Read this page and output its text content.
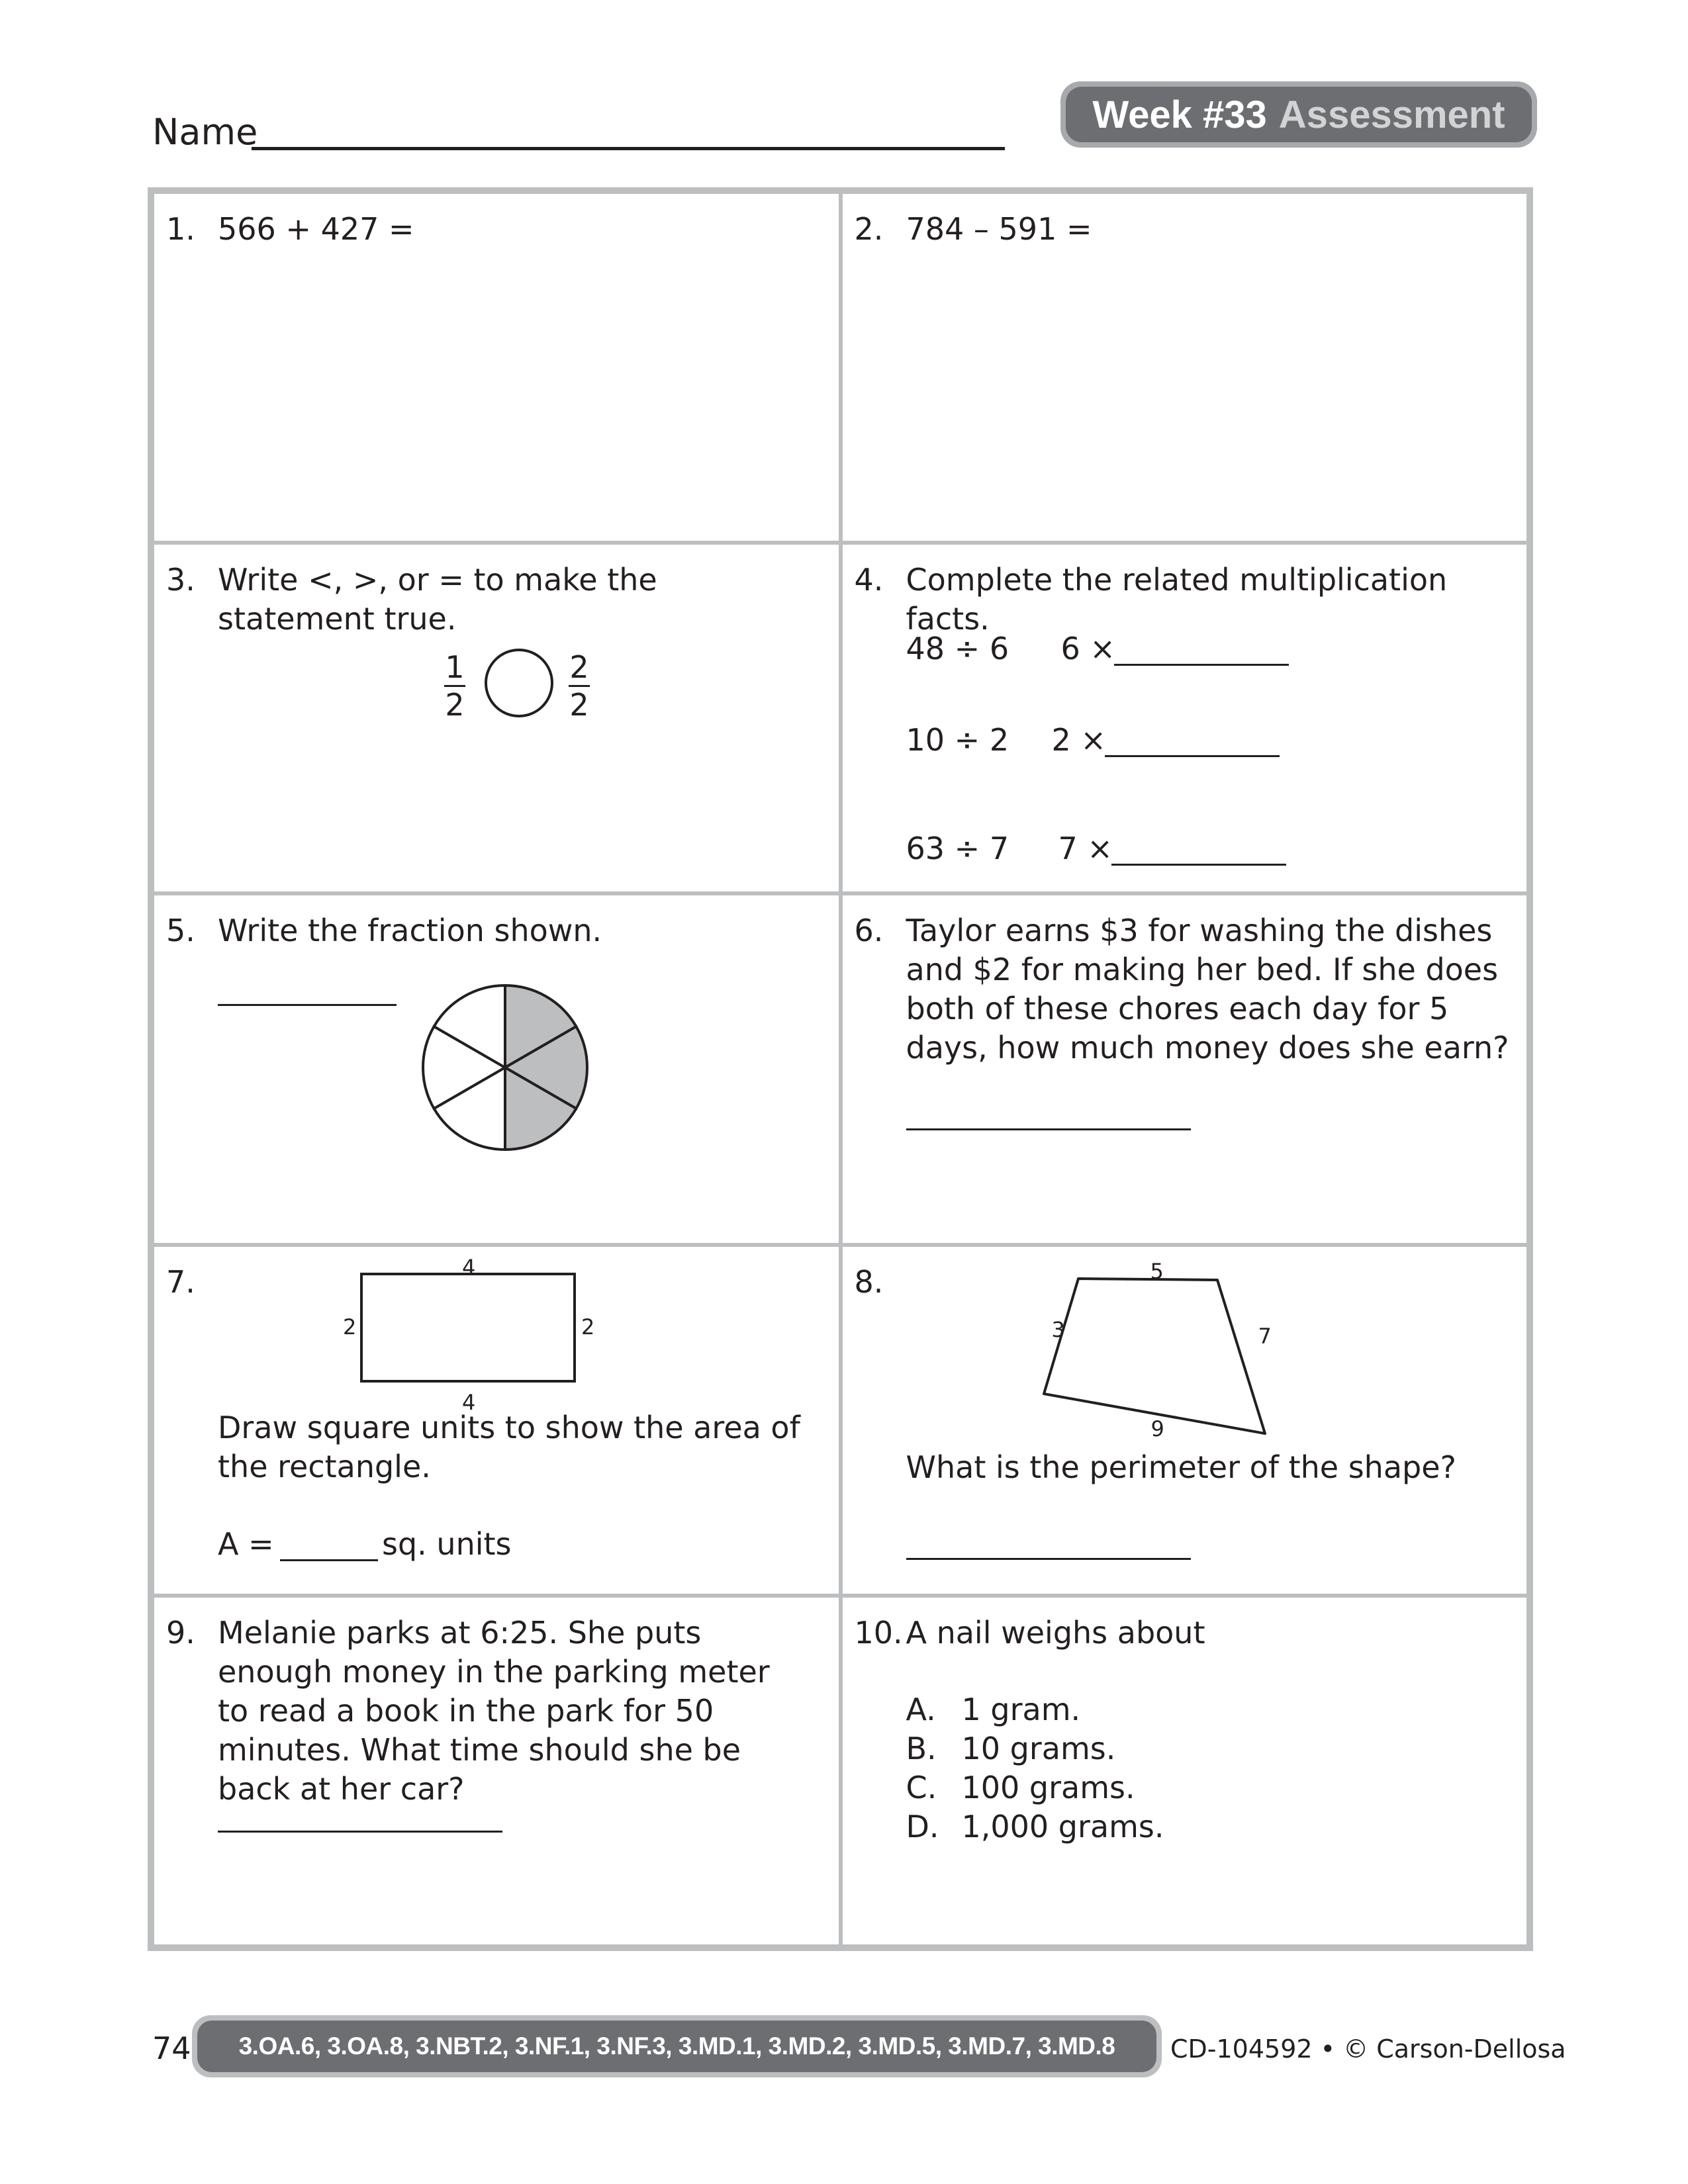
Name	Week #33 Assessment
1. 566 + 427 =	2. 784 – 591 =
3. Write <, >, or = to make the statement true.
1
2
2
2
4. Complete the related multiplication facts.
48 ÷ 6 6 ×
10 ÷ 2 2 ×
63 ÷ 7 7 ×
5. Write the fraction shown.	6. Taylor earns $3 for washing the dishes and $2 for making her bed. If she does both of these chores each day for 5 days, how much money does she earn?
7.	4
2	2
4
Draw square units to show the area of the rectangle.
A =	sq. units
8.	5
3	7
9
What is the perimeter of the shape?
9. Melanie parks at 6:25. She puts enough money in the parking meter to read a book in the park for 50 minutes. What time should she be back at her car?
10. A nail weighs about
A. 1 gram.
B. 10 grams.
C. 100 grams.
D. 1,000 grams.
74	3.OA.6, 3.OA.8, 3.NBT.2, 3.NF.1, 3.NF.3, 3.MD.1, 3.MD.2, 3.MD.5, 3.MD.7, 3.MD.8	CD-104592 • © Carson-Dellosa
